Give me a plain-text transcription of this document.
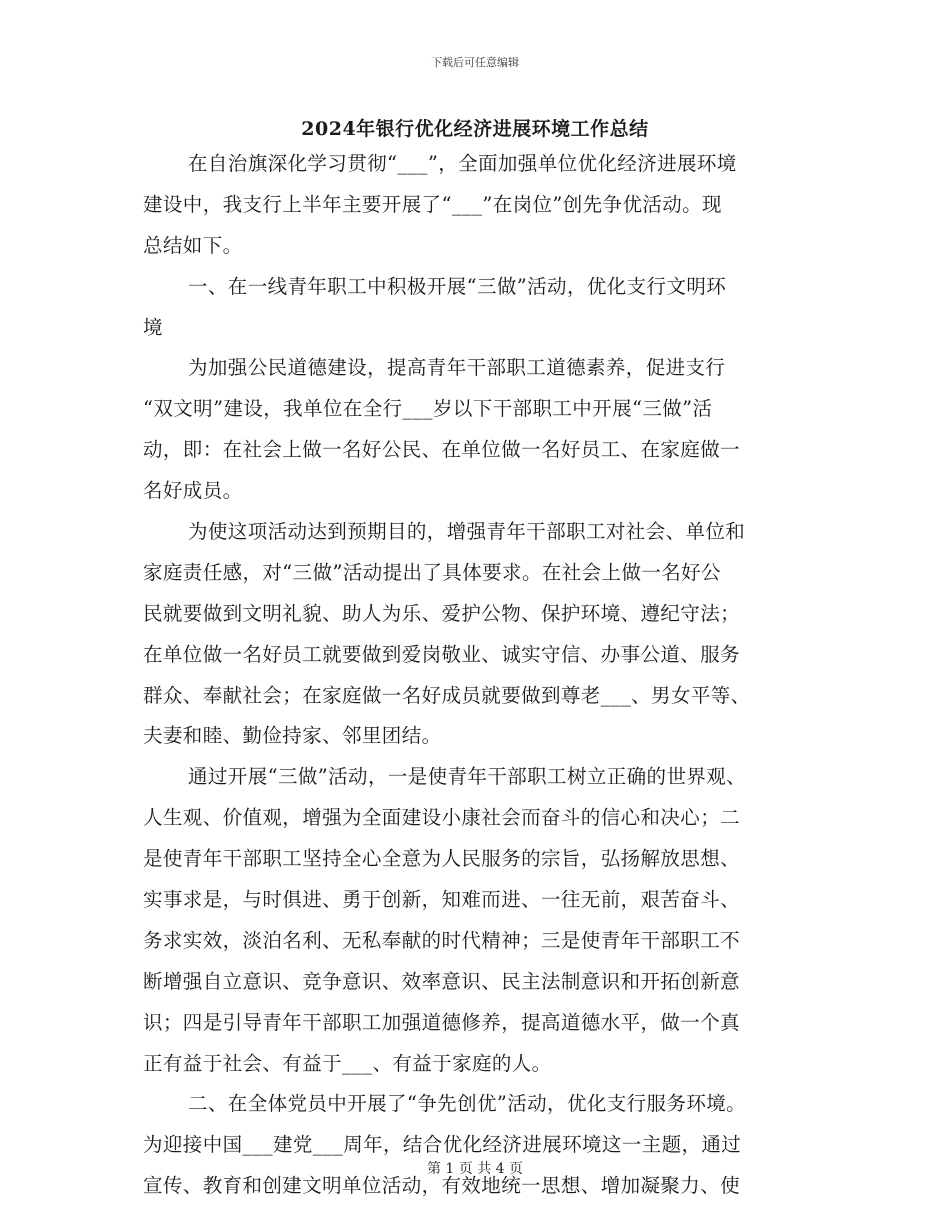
下载后可任意编辑
2024年银行优化经济进展环境工作总结
在自治旗深化学习贯彻“___”，全面加强单位优化经济进展环境
建设中，我支行上半年主要开展了“___”在岗位”创先争优活动。现
总结如下。
一、在一线青年职工中积极开展“三做”活动，优化支行文明环
境
为加强公民道德建设，提高青年干部职工道德素养，促进支行
“双文明”建设，我单位在全行___岁以下干部职工中开展“三做”活
动，即：在社会上做一名好公民、在单位做一名好员工、在家庭做一
名好成员。
为使这项活动达到预期目的，增强青年干部职工对社会、单位和
家庭责任感，对“三做”活动提出了具体要求。在社会上做一名好公
民就要做到文明礼貌、助人为乐、爱护公物、保护环境、遵纪守法；
在单位做一名好员工就要做到爱岗敬业、诚实守信、办事公道、服务
群众、奉献社会；在家庭做一名好成员就要做到尊老___、男女平等、
夫妻和睦、勤俭持家、邻里团结。
通过开展“三做”活动，一是使青年干部职工树立正确的世界观、
人生观、价值观，增强为全面建设小康社会而奋斗的信心和决心；二
是使青年干部职工坚持全心全意为人民服务的宗旨，弘扬解放思想、
实事求是，与时俱进、勇于创新，知难而进、一往无前，艰苦奋斗、
务求实效，淡泊名利、无私奉献的时代精神；三是使青年干部职工不
断增强自立意识、竞争意识、效率意识、民主法制意识和开拓创新意
识；四是引导青年干部职工加强道德修养，提高道德水平，做一个真
正有益于社会、有益于___、有益于家庭的人。
二、在全体党员中开展了“争先创优”活动，优化支行服务环境。
为迎接中国___建党___周年，结合优化经济进展环境这一主题，通过
宣传、教育和创建文明单位活动，有效地统一思想、增加凝聚力、使
第 1 页 共 4 页
